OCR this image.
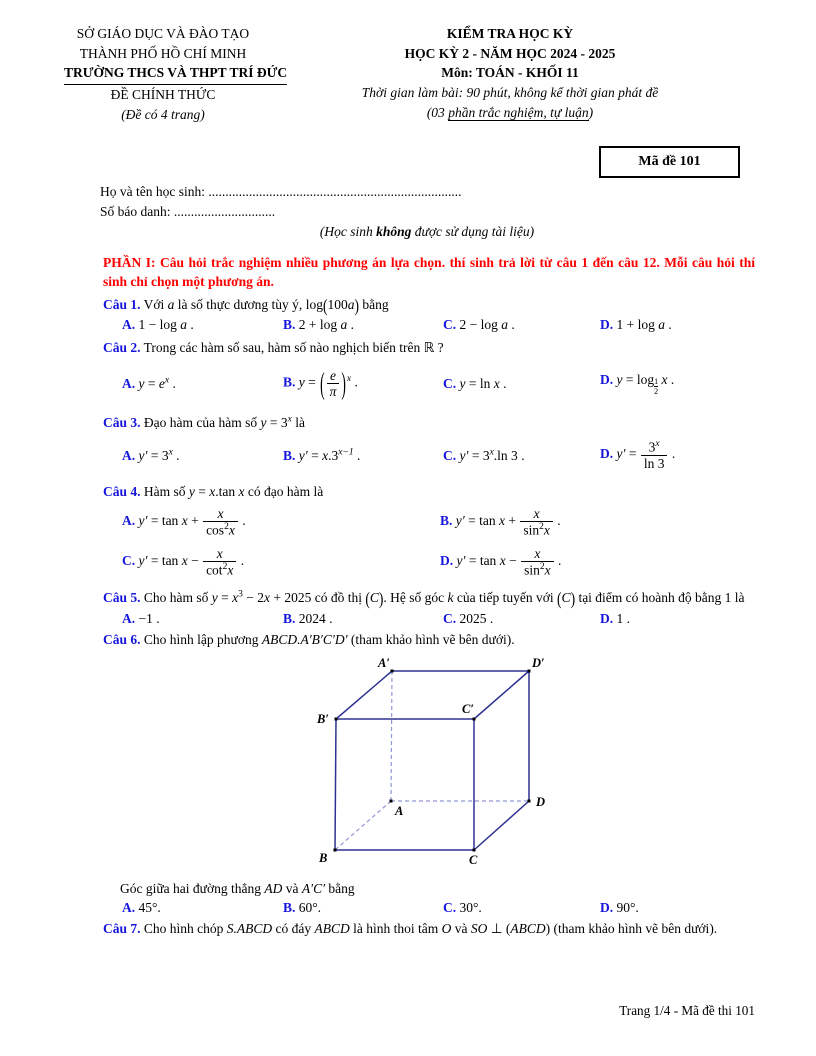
SỞ GIÁO DỤC VÀ ĐÀO TẠO
THÀNH PHỐ HỒ CHÍ MINH
TRƯỜNG THCS VÀ THPT TRÍ ĐỨC
ĐỀ CHÍNH THỨC
(Đề có 4 trang)
KIỂM TRA HỌC KỲ
HỌC KỲ 2 - NĂM HỌC 2024 - 2025
Môn: TOÁN - KHỐI 11
Thời gian làm bài: 90 phút, không kể thời gian phát đề
(03 phần trắc nghiệm, tự luận)
Mã đề 101
Họ và tên học sinh: ...........................................................................
Số báo danh: ..............................
(Học sinh không được sử dụng tài liệu)
PHẦN I: Câu hỏi trắc nghiệm nhiều phương án lựa chọn. thí sinh trả lời từ câu 1 đến câu 12. Mỗi câu hỏi thí sinh chỉ chọn một phương án.
Câu 1. Với a là số thực dương tùy ý, log(100a) bằng
A. 1 − log a .	B. 2 + log a .	C. 2 − log a .	D. 1 + log a .
Câu 2. Trong các hàm số sau, hàm số nào nghịch biến trên ℝ ?
A. $y = e^x$ .	B. y = ( $\frac{e}{\pi} )^x$ .	C. y = ln x .	D. $y = \log\frac{1}{2} x$ .
Câu 3. Đạo hàm của hàm số $y = 3^x$ là
A. $y' = 3^x$ .	B. $y' = x.3^{x-1}$ .	C. $y' = 3^x.\ln$ 3 .	D. $y' = \frac{3^x}{\ln 3}$ .
Câu 4. Hàm số y = x.tan x có đạo hàm là
A. $y' = \tan x + \frac{x}{\cos^2x}$ .	B. $y' = \tan x + \frac{x}{\sin^2x}$ .
C. $y' = \tan x - \frac{x}{\cot^2x}$ .	D. $y' = \tan x - \frac{x}{\sin^2x}$ .
Câu 5. Cho hàm số $y = x^3 - 2x + 2025$ có đồ thị (C). Hệ số góc k của tiếp tuyến với (C) tại điểm có hoành độ bằng 1 là
A. −1 .	B. 2024 .	C. 2025 .	D. 1 .
Câu 6. Cho hình lập phương ABCD.A′B′C′D′ (tham khảo hình vẽ bên dưới).
A′	D′
B′
C′
A
D
B	C
Góc giữa hai đường thẳng AD và A′C′ bằng
A. 45°.	B. 60°.	C. 30°.	D. 90°.
Câu 7. Cho hình chóp S.ABCD có đáy ABCD là hình thoi tâm O và SO ⊥ (ABCD) (tham khảo hình vẽ bên dưới).
Trang 1/4 - Mã đề thi 101
